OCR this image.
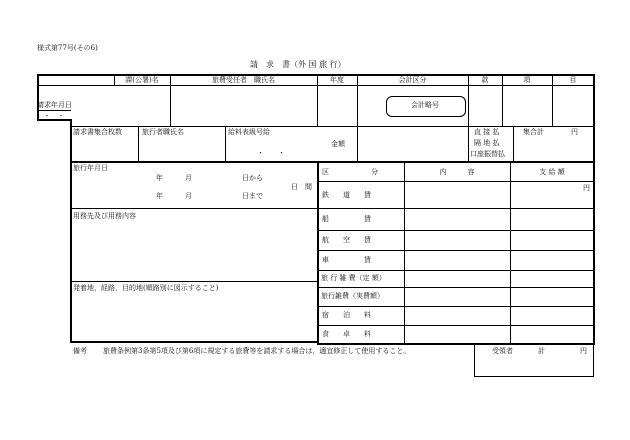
様式第77号(その6)
請　求　書（外 国 旅 行）
課(公署)名	旅費受任者　職氏名	年度	会計区分	款	項	目
請求年月日
・　・
会計略号
請求書集合枚数	旅行者職氏名	給料表級号給
・　　・
金額
直 接 払
隔 地 払
口座振替払
集合計	円
旅行年月日
年	月	日から
日 間
年	月	日まで
用務先及び用務内容
発着地，経路，目的地(順路別に図示すること)
区　　　　　　分	内　　　容	支 給 額
円
鉄　　道　　賃
船　　　　　賃
航　　空　　賃
車　　　　　賃
旅 行 雑 費（定 額）
旅行雑費（実費額）
宿　　泊　　料
食　　卓　　料
備考 旅費条例第3条第5項及び第6項に規定する旅費等を請求する場合は，適宜修正して使用すること。	受領者	計	円
